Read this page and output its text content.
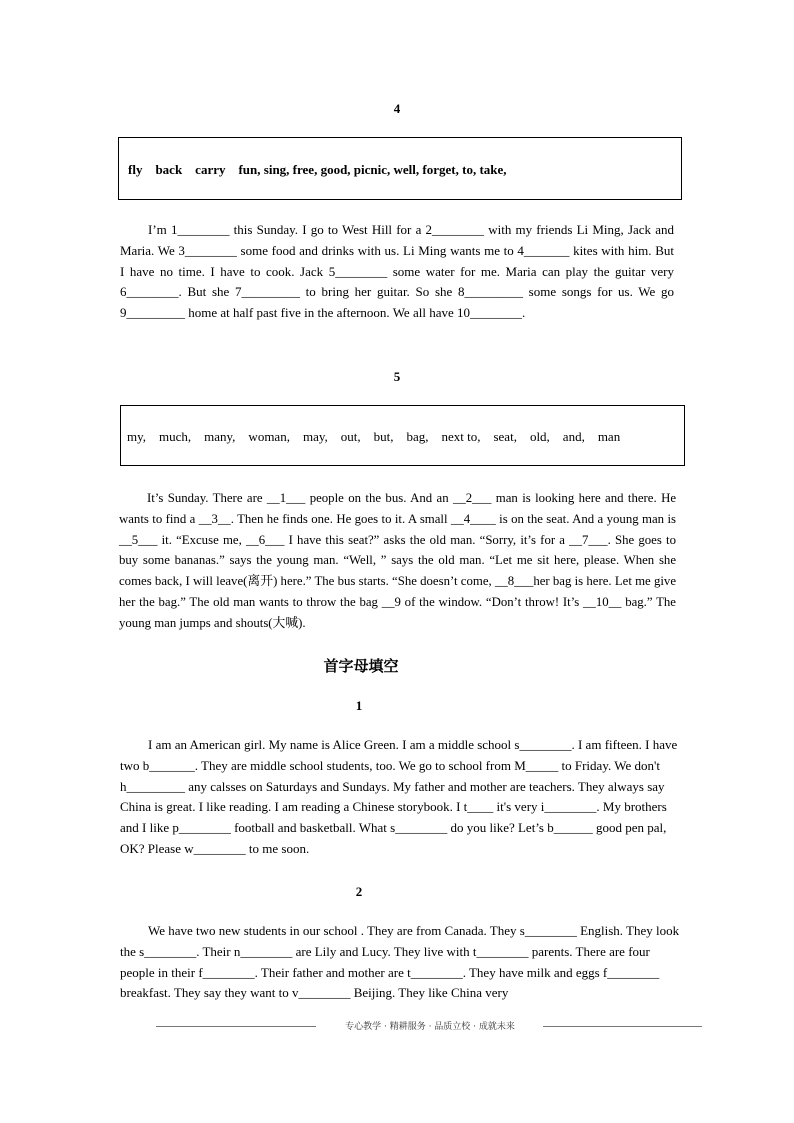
4
fly    back    carry    fun, sing, free, good, picnic, well, forget, to, take,

I’m 1________ this Sunday. I go to West Hill for a 2________ with my friends Li Ming, Jack and Maria. We 3________ some food and drinks with us. Li Ming wants me to 4_______ kites with him. But I have no time. I have to cook. Jack 5________ some water for me. Maria can play the guitar very 6________. But she 7_________ to bring her guitar. So she 8_________ some songs for us. We go 9_________ home at half past five in the afternoon. We all have 10________.

5
my,    much,    many,    woman,    may,    out,    but,    bag,    next to,    seat,    old,    and,    man

It’s Sunday. There are __1___ people on the bus. And an __2___ man is looking here and there. He wants to find a __3__. Then he finds one. He goes to it. A small __4____ is on the seat. And a young man is __5___ it. “Excuse me, __6___ I have this seat?” asks the old man. “Sorry, it’s for a __7___. She goes to buy some bananas.” says the young man. “Well, ” says the old man. “Let me sit here, please. When she comes back, I will leave(离开) here.” The bus starts. “She doesn’t come, __8___her bag is here. Let me give her the bag.” The old man wants to throw the bag __9 of the window. “Don’t throw! It’s __10__ bag.” The young man jumps and shouts(大喊).

首字母填空
1

I am an American girl. My name is Alice Green. I am a middle school s________. I am fifteen. I have two b_______. They are middle school students, too. We go to school from M_____ to Friday. We don't h_________ any calsses on Saturdays and Sundays. My father and mother are teachers. They always say China is great. I like reading. I am reading a Chinese storybook. I t____ it's very i________. My brothers and I like p________ football and basketball. What s________ do you like? Let’s b______ good pen pal, OK? Please w________ to me soon.

2

We have two new students in our school . They are from Canada. They s________ English. They look the s________. Their n________ are Lily and Lucy. They live with t________ parents. There are four people in their f________. Their father and mother are t________. They have milk and eggs f________ breakfast. They say they want to v________ Beijing. They like China very

专心教学 · 精耕服务 · 品质立校 · 成就未来
